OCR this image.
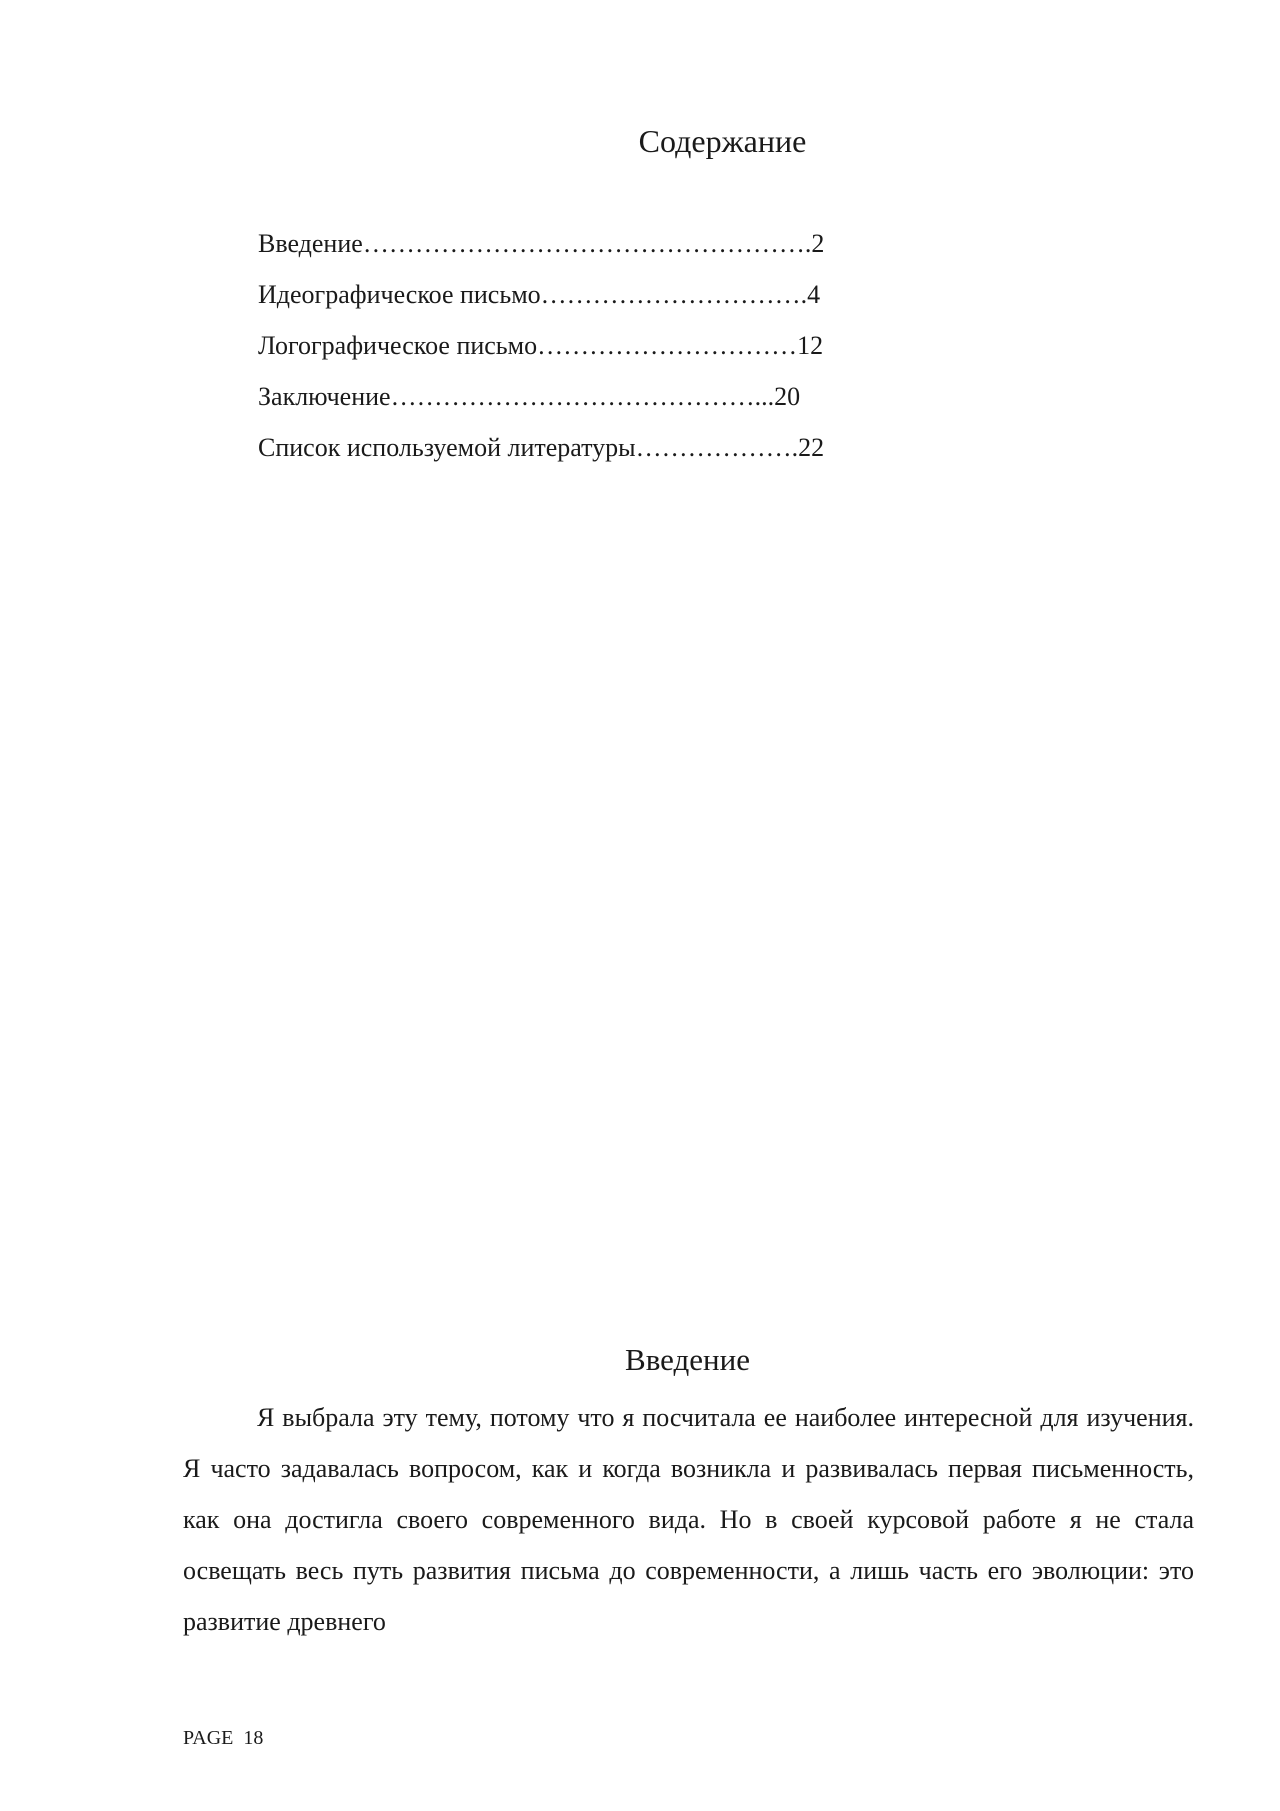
Содержание
Введение…………………………………………….2
Идеографическое письмо………………………….4
Логографическое письмо…………………………12
Заключение……………………………………...20
Список используемой литературы……………….22
Введение

Я выбрала эту тему, потому что я посчитала ее наиболее интересной для изучения. Я часто задавалась вопросом, как и когда возникла и развивалась первая письменность, как она достигла своего современного вида. Но в своей курсовой работе я не стала освещать весь путь развития письма до современности, а лишь часть его эволюции: это развитие древнего

PAGE  18
